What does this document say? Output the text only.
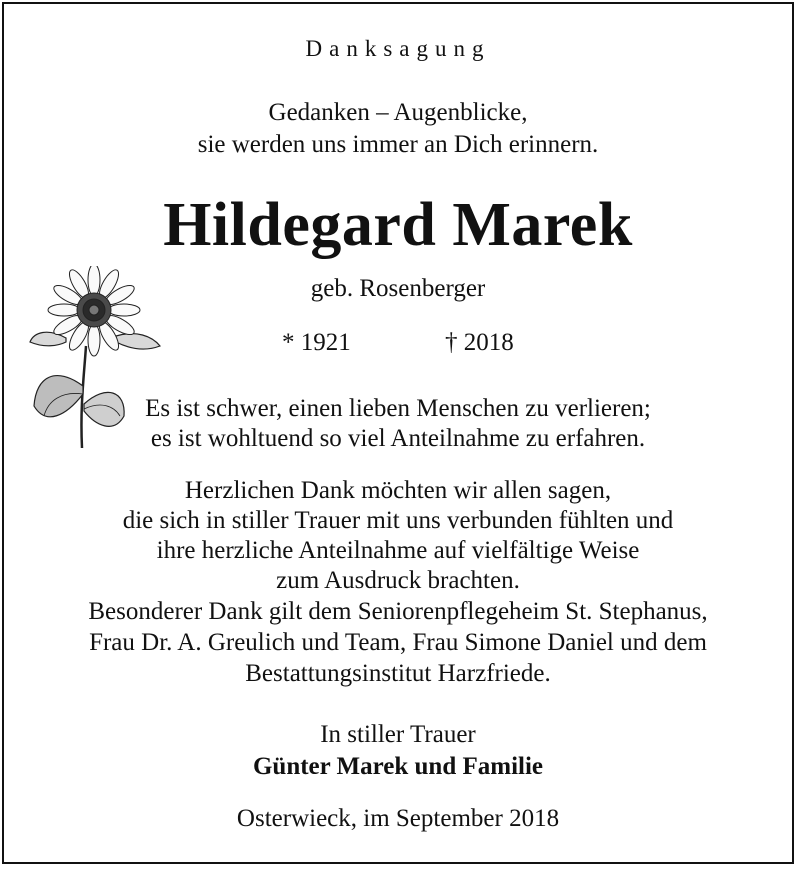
Danksagung
Gedanken – Augenblicke,
sie werden uns immer an Dich erinnern.
Hildegard Marek
geb. Rosenberger
* 1921	† 2018
Es ist schwer, einen lieben Menschen zu verlieren;
es ist wohltuend so viel Anteilnahme zu erfahren.
Herzlichen Dank möchten wir allen sagen,
die sich in stiller Trauer mit uns verbunden fühlten und
ihre herzliche Anteilnahme auf vielfältige Weise
zum Ausdruck brachten.
Besonderer Dank gilt dem Seniorenpflegeheim St. Stephanus,
Frau Dr. A. Greulich und Team, Frau Simone Daniel und dem
Bestattungsinstitut Harzfriede.
In stiller Trauer
Günter Marek und Familie
Osterwieck, im September 2018
